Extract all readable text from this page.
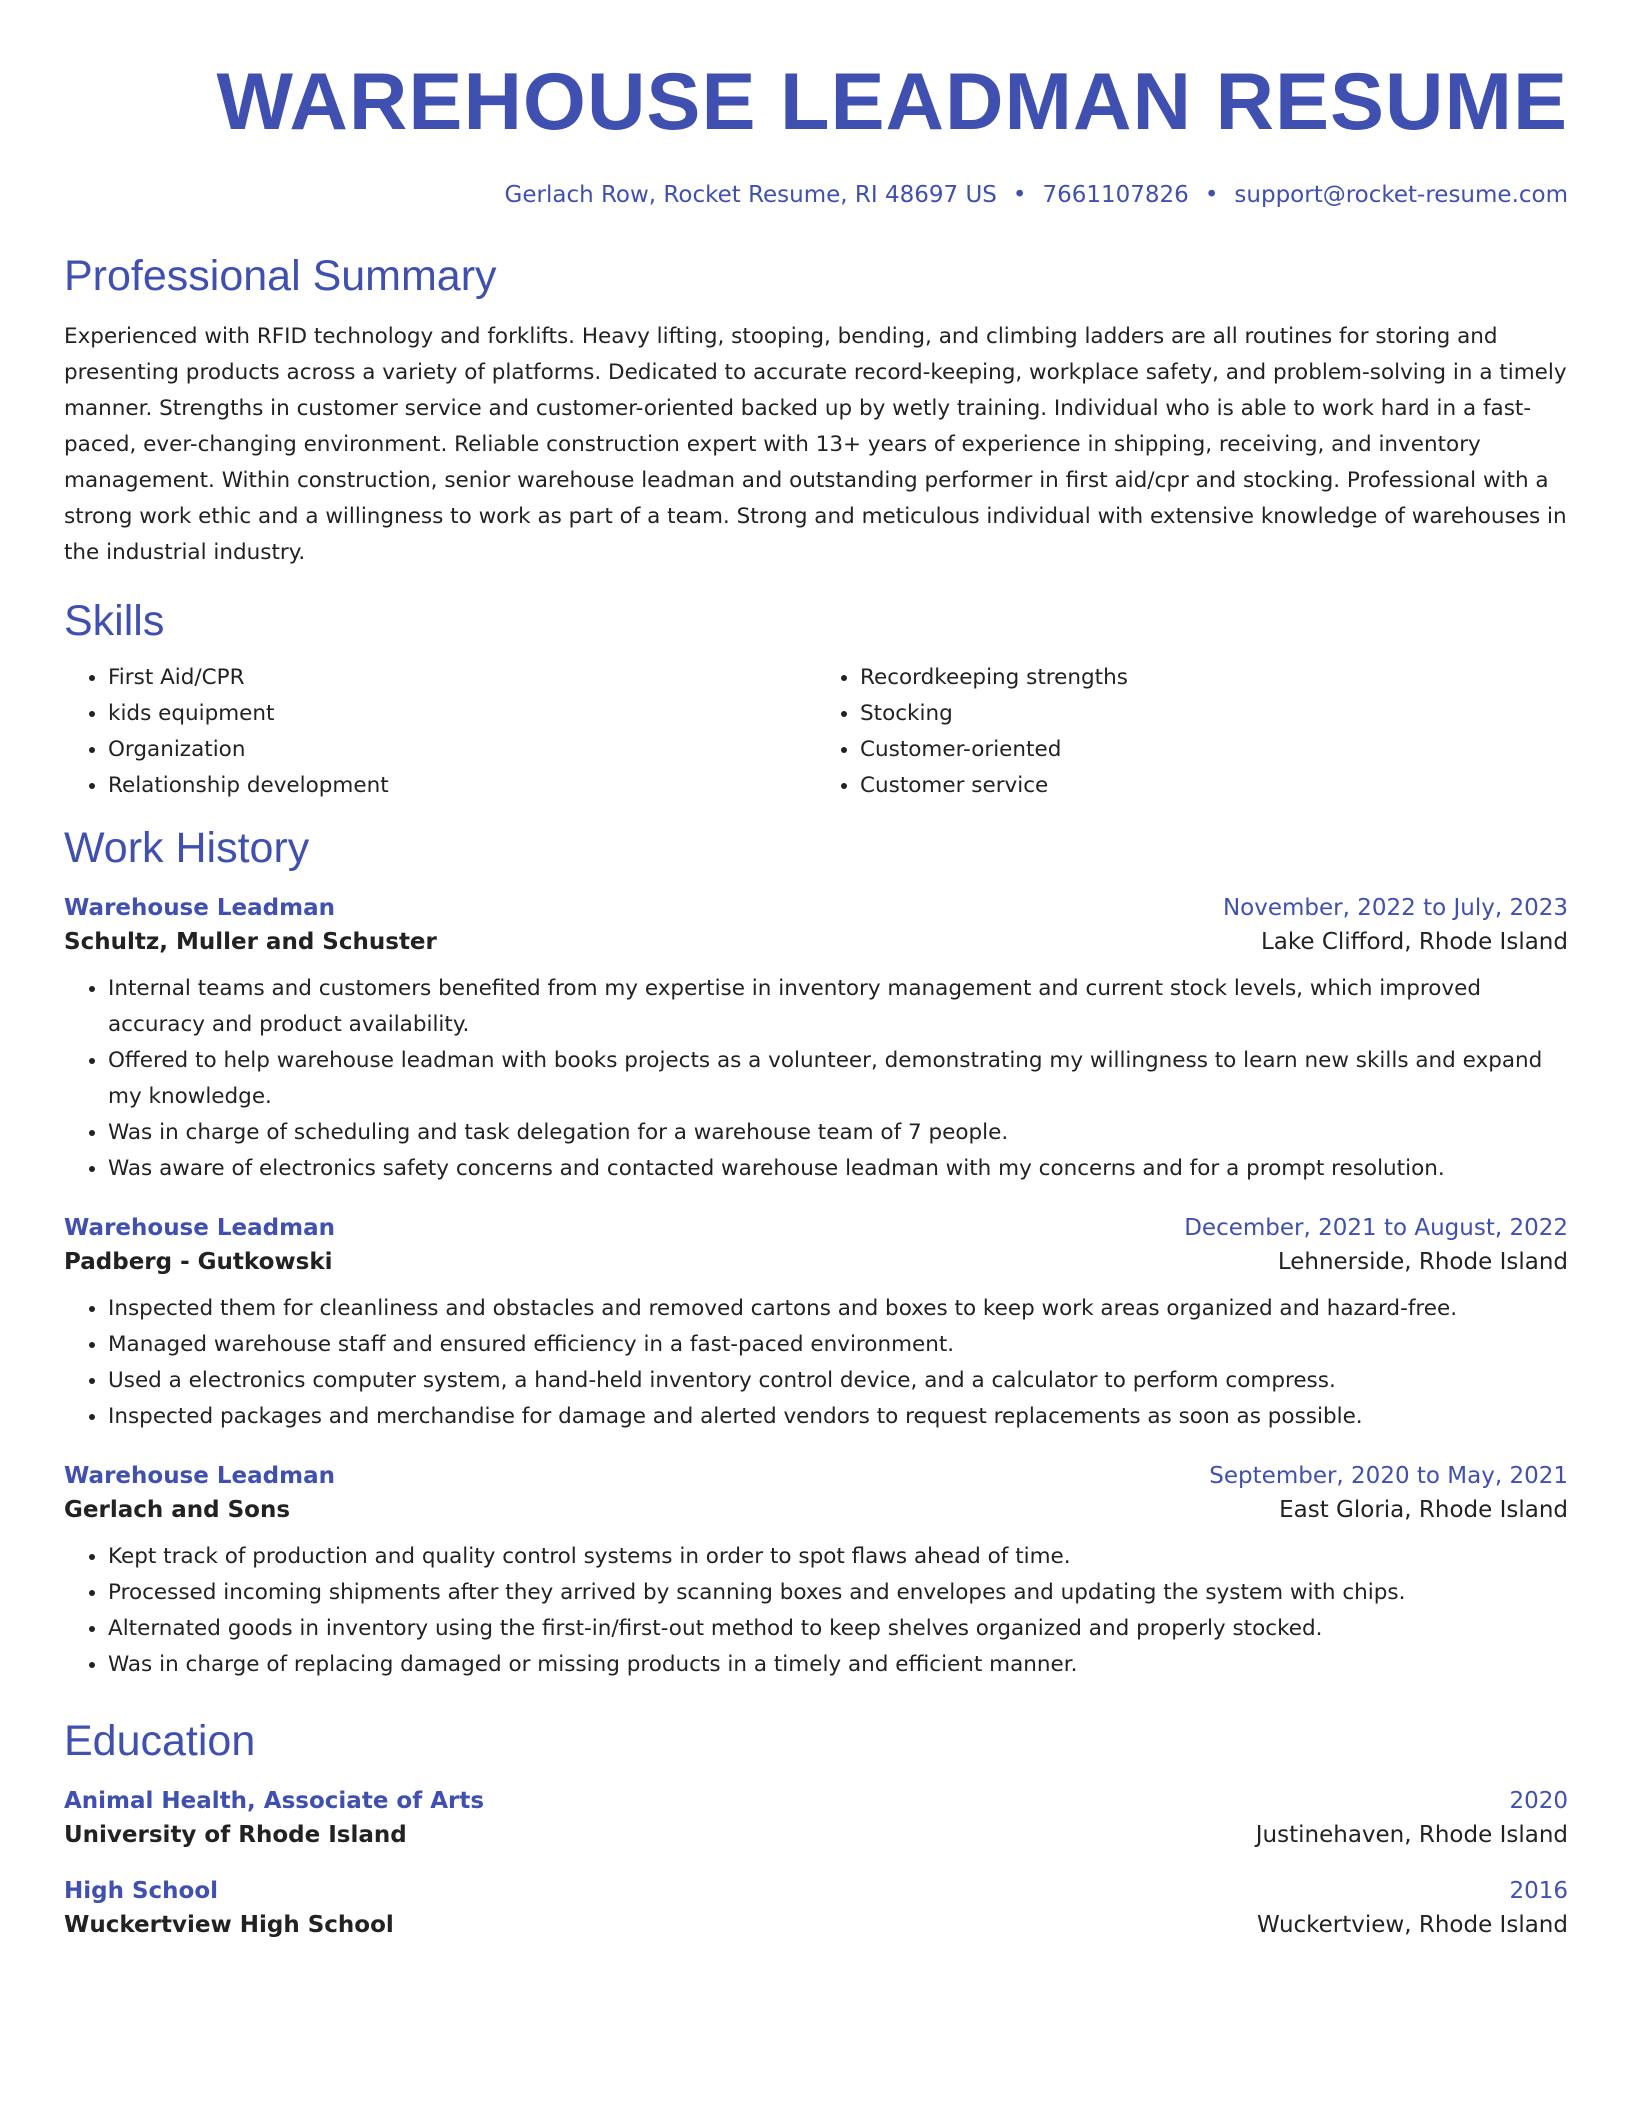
WAREHOUSE LEADMAN RESUME
Gerlach Row, Rocket Resume, RI 48697 US • 7661107826 • support@rocket-resume.com
Professional Summary

Experienced with RFID technology and forklifts. Heavy lifting, stooping, bending, and climbing ladders are all routines for storing and presenting products across a variety of platforms. Dedicated to accurate record-keeping, workplace safety, and problem-solving in a timely manner. Strengths in customer service and customer-oriented backed up by wetly training. Individual who is able to work hard in a fast-paced, ever-changing environment. Reliable construction expert with 13+ years of experience in shipping, receiving, and inventory management. Within construction, senior warehouse leadman and outstanding performer in first aid/cpr and stocking. Professional with a strong work ethic and a willingness to work as part of a team. Strong and meticulous individual with extensive knowledge of warehouses in the industrial industry.

Skills
• First Aid/CPR
• kids equipment
• Organization
• Relationship development
• Recordkeeping strengths
• Stocking
• Customer-oriented
• Customer service
Work History
Warehouse Leadman	November, 2022 to July, 2023
Schultz, Muller and Schuster	Lake Clifford, Rhode Island
• Internal teams and customers benefited from my expertise in inventory management and current stock levels, which improved accuracy and product availability.
• Offered to help warehouse leadman with books projects as a volunteer, demonstrating my willingness to learn new skills and expand my knowledge.
• Was in charge of scheduling and task delegation for a warehouse team of 7 people.
• Was aware of electronics safety concerns and contacted warehouse leadman with my concerns and for a prompt resolution.
Warehouse Leadman	December, 2021 to August, 2022
Padberg - Gutkowski	Lehnerside, Rhode Island
• Inspected them for cleanliness and obstacles and removed cartons and boxes to keep work areas organized and hazard-free.
• Managed warehouse staff and ensured efficiency in a fast-paced environment.
• Used a electronics computer system, a hand-held inventory control device, and a calculator to perform compress.
• Inspected packages and merchandise for damage and alerted vendors to request replacements as soon as possible.
Warehouse Leadman	September, 2020 to May, 2021
Gerlach and Sons	East Gloria, Rhode Island
• Kept track of production and quality control systems in order to spot flaws ahead of time.
• Processed incoming shipments after they arrived by scanning boxes and envelopes and updating the system with chips.
• Alternated goods in inventory using the first-in/first-out method to keep shelves organized and properly stocked.
• Was in charge of replacing damaged or missing products in a timely and efficient manner.
Education
Animal Health, Associate of Arts	2020
University of Rhode Island	Justinehaven, Rhode Island
High School	2016
Wuckertview High School	Wuckertview, Rhode Island
